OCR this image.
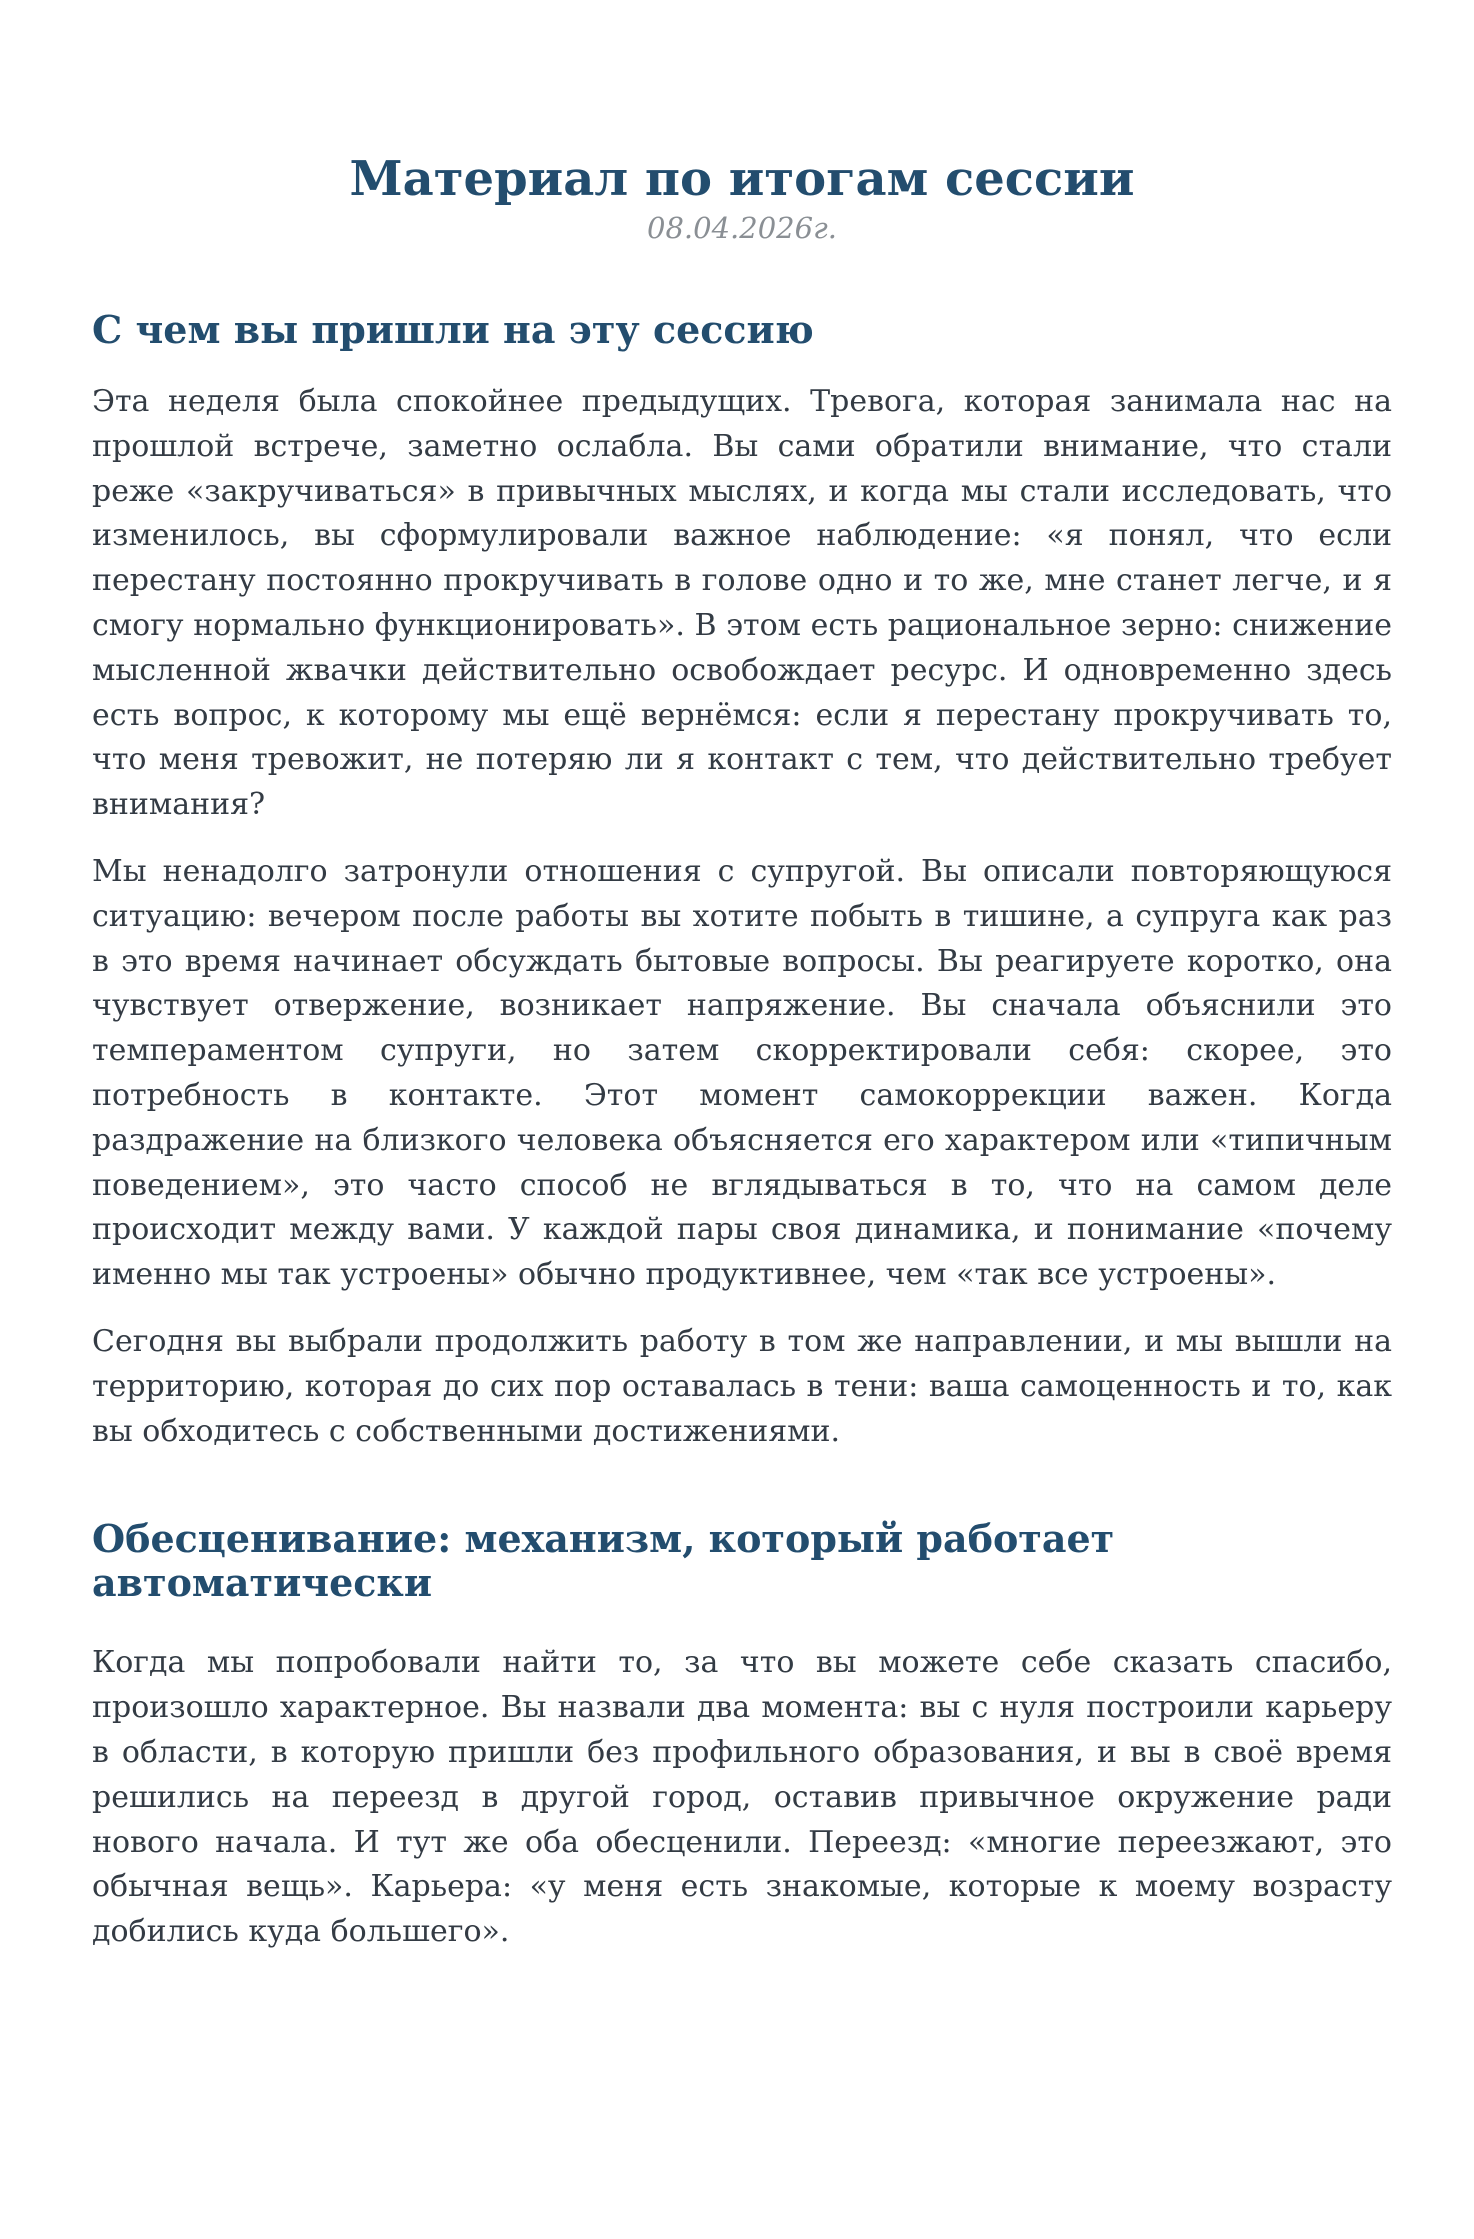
Материал по итогам сессии
08.04.2026г.
С чем вы пришли на эту сессию

Эта неделя была спокойнее предыдущих. Тревога, которая занимала нас на прошлой встрече, заметно ослабла. Вы сами обратили внимание, что стали реже «закручиваться» в привычных мыслях, и когда мы стали исследовать, что изменилось, вы сформулировали важное наблюдение: «я понял, что если перестану постоянно прокручивать в голове одно и то же, мне станет легче, и я смогу нормально функционировать». В этом есть рациональное зерно: снижение мысленной жвачки действительно освобождает ресурс. И одновременно здесь есть вопрос, к которому мы ещё вернёмся: если я перестану прокручивать то, что меня тревожит, не потеряю ли я контакт с тем, что действительно требует внимания?

Мы ненадолго затронули отношения с супругой. Вы описали повторяющуюся ситуацию: вечером после работы вы хотите побыть в тишине, а супруга как раз в это время начинает обсуждать бытовые вопросы. Вы реагируете коротко, она чувствует отвержение, возникает напряжение. Вы сначала объяснили это темпераментом супруги, но затем скорректировали себя: скорее, это потребность в контакте. Этот момент самокоррекции важен. Когда раздражение на близкого человека объясняется его характером или «типичным поведением», это часто способ не вглядываться в то, что на самом деле происходит между вами. У каждой пары своя динамика, и понимание «почему именно мы так устроены» обычно продуктивнее, чем «так все устроены».

Сегодня вы выбрали продолжить работу в том же направлении, и мы вышли на территорию, которая до сих пор оставалась в тени: ваша самоценность и то, как вы обходитесь с собственными достижениями.

Обесценивание: механизм, который работает автоматически

Когда мы попробовали найти то, за что вы можете себе сказать спасибо, произошло характерное. Вы назвали два момента: вы с нуля построили карьеру в области, в которую пришли без профильного образования, и вы в своё время решились на переезд в другой город, оставив привычное окружение ради нового начала. И тут же оба обесценили. Переезд: «многие переезжают, это обычная вещь». Карьера: «у меня есть знакомые, которые к моему возрасту добились куда большего».
